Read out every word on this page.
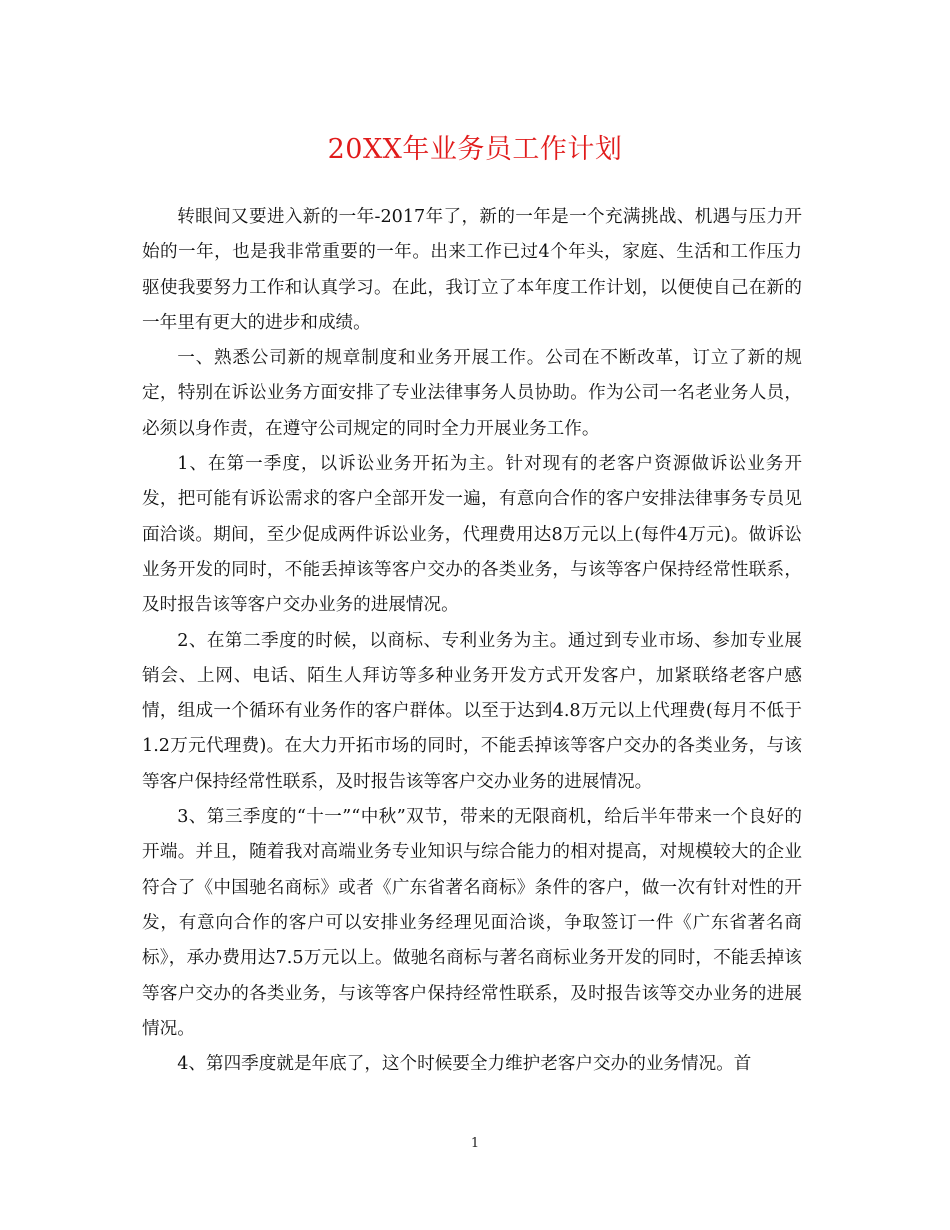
20XX年业务员工作计划

转眼间又要进入新的一年-2017年了，新的一年是一个充满挑战、机遇与压力开始的一年，也是我非常重要的一年。出来工作已过4个年头，家庭、生活和工作压力驱使我要努力工作和认真学习。在此，我订立了本年度工作计划，以便使自己在新的一年里有更大的进步和成绩。

一、熟悉公司新的规章制度和业务开展工作。公司在不断改革，订立了新的规定，特别在诉讼业务方面安排了专业法律事务人员协助。作为公司一名老业务人员，必须以身作责，在遵守公司规定的同时全力开展业务工作。

1、在第一季度，以诉讼业务开拓为主。针对现有的老客户资源做诉讼业务开发，把可能有诉讼需求的客户全部开发一遍，有意向合作的客户安排法律事务专员见面洽谈。期间，至少促成两件诉讼业务，代理费用达8万元以上(每件4万元)。做诉讼业务开发的同时，不能丢掉该等客户交办的各类业务，与该等客户保持经常性联系，及时报告该等客户交办业务的进展情况。

2、在第二季度的时候，以商标、专利业务为主。通过到专业市场、参加专业展销会、上网、电话、陌生人拜访等多种业务开发方式开发客户，加紧联络老客户感情，组成一个循环有业务作的客户群体。以至于达到4.8万元以上代理费(每月不低于1.2万元代理费)。在大力开拓市场的同时，不能丢掉该等客户交办的各类业务，与该等客户保持经常性联系，及时报告该等客户交办业务的进展情况。

3、第三季度的“十一”“中秋”双节，带来的无限商机，给后半年带来一个良好的开端。并且，随着我对高端业务专业知识与综合能力的相对提高，对规模较大的企业符合了《中国驰名商标》或者《广东省著名商标》条件的客户，做一次有针对性的开发，有意向合作的客户可以安排业务经理见面洽谈，争取签订一件《广东省著名商标》，承办费用达7.5万元以上。做驰名商标与著名商标业务开发的同时，不能丢掉该等客户交办的各类业务，与该等客户保持经常性联系，及时报告该等交办业务的进展情况。

4、第四季度就是年底了，这个时候要全力维护老客户交办的业务情况。首

1
